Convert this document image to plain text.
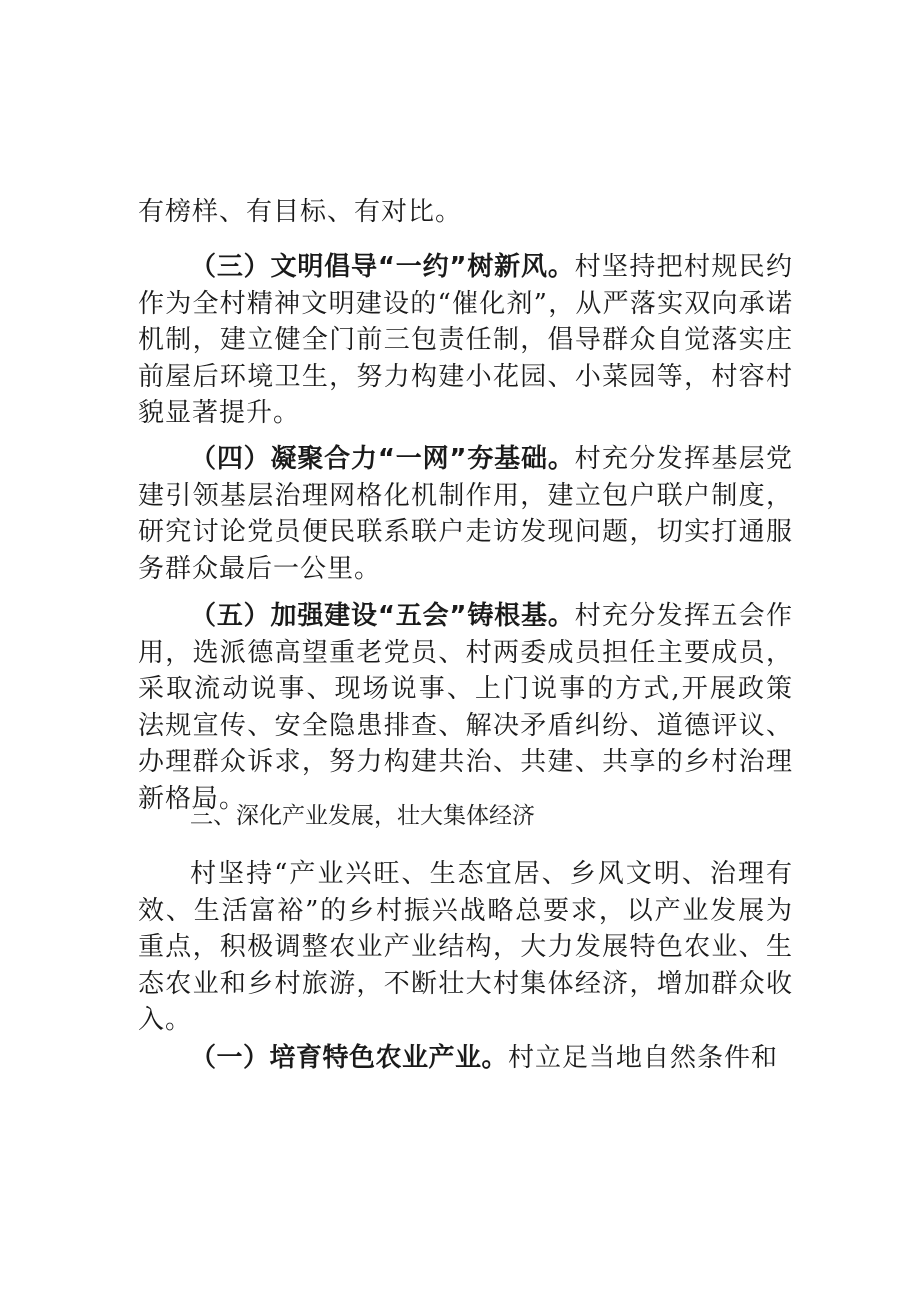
有榜样、有目标、有对比。
（三）文明倡导“一约”树新风。村坚持把村规民约作为全村精神文明建设的“催化剂”，从严落实双向承诺机制，建立健全门前三包责任制，倡导群众自觉落实庄前屋后环境卫生，努力构建小花园、小菜园等，村容村貌显著提升。
（四）凝聚合力“一网”夯基础。村充分发挥基层党建引领基层治理网格化机制作用，建立包户联户制度，研究讨论党员便民联系联户走访发现问题，切实打通服务群众最后一公里。
（五）加强建设“五会”铸根基。村充分发挥五会作用，选派德高望重老党员、村两委成员担任主要成员，采取流动说事、现场说事、上门说事的方式,开展政策法规宣传、安全隐患排查、解决矛盾纠纷、道德评议、办理群众诉求，努力构建共治、共建、共享的乡村治理新格局。
三、深化产业发展，壮大集体经济
村坚持“产业兴旺、生态宜居、乡风文明、治理有效、生活富裕”的乡村振兴战略总要求，以产业发展为重点，积极调整农业产业结构，大力发展特色农业、生态农业和乡村旅游，不断壮大村集体经济，增加群众收入。
（一）培育特色农业产业。村立足当地自然条件和
